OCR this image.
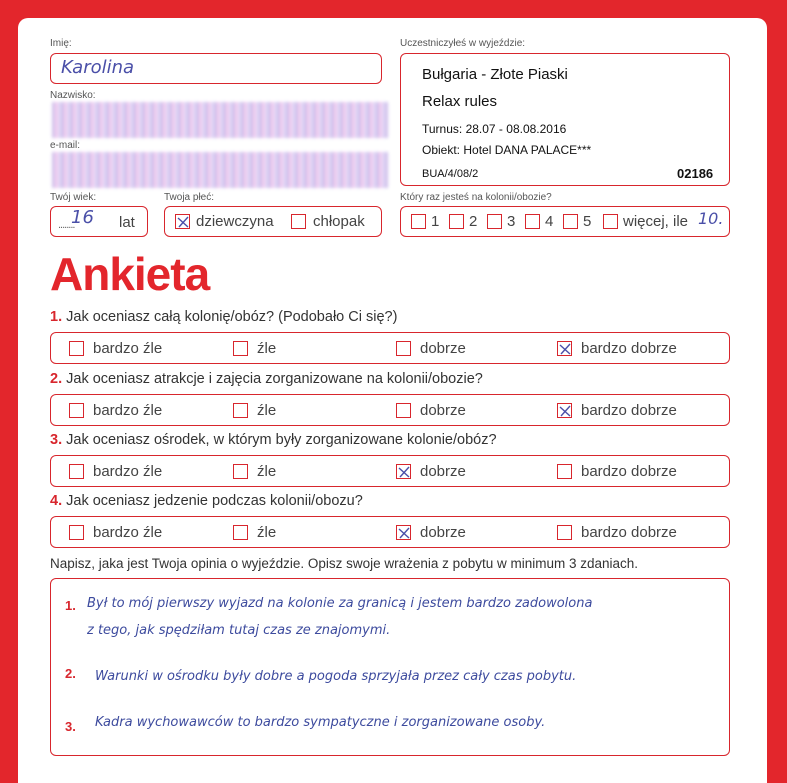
Imię:
Karolina
Nazwisko:
e-mail:
Twój wiek:
........
16 lat
Twoja płeć:
dziewczyna	chłopak
Uczestniczyłeś w wyjeździe:
Bułgaria - Złote Piaski
Relax rules
Turnus: 28.07 - 08.08.2016
Obiekt: Hotel DANA PALACE***
BUA/4/08/2	02186
Który raz jesteś na kolonii/obozie?
1 2 3 4 5 więcej, ile 10.
Ankieta
1. Jak oceniasz całą kolonię/obóz? (Podobało Ci się?)
bardzo źle	źle	dobrze	bardzo dobrze
2. Jak oceniasz atrakcje i zajęcia zorganizowane na kolonii/obozie?
bardzo źle	źle	dobrze	bardzo dobrze
3. Jak oceniasz ośrodek, w którym były zorganizowane kolonie/obóz?
bardzo źle	źle	dobrze	bardzo dobrze
4. Jak oceniasz jedzenie podczas kolonii/obozu?
bardzo źle	źle	dobrze	bardzo dobrze
Napisz, jaka jest Twoja opinia o wyjeździe. Opisz swoje wrażenia z pobytu w minimum 3 zdaniach.
1. Był to mój pierwszy wyjazd na kolonie za granicą i jestem bardzo zadowolona
z tego, jak spędziłam tutaj czas ze znajomymi.
2. Warunki w ośrodku były dobre a pogoda sprzyjała przez cały czas pobytu.
3. Kadra wychowawców to bardzo sympatyczne i zorganizowane osoby.
